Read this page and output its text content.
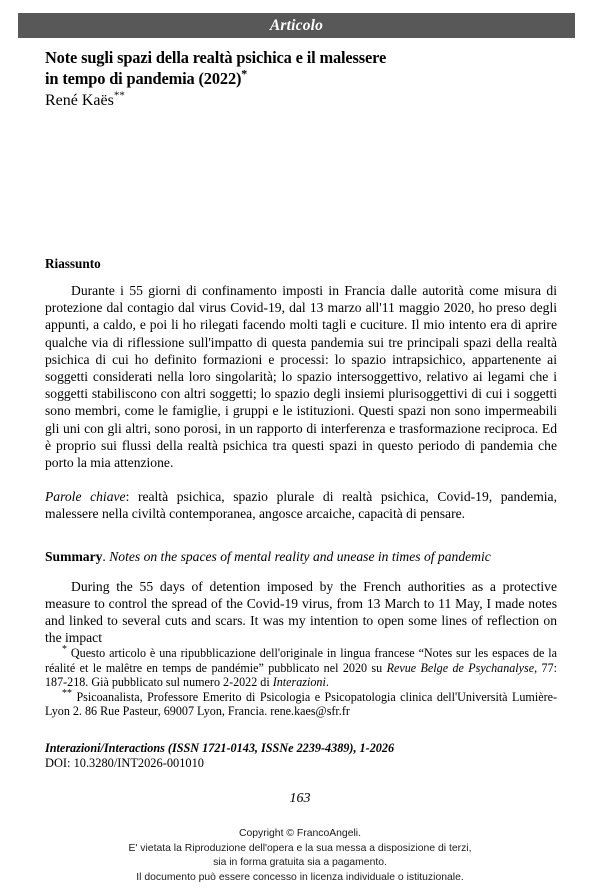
Articolo
Note sugli spazi della realtà psichica e il malessere
in tempo di pandemia (2022)*
René Kaës**
Riassunto

Durante i 55 giorni di confinamento imposti in Francia dalle autorità come misura di protezione dal contagio dal virus Covid-19, dal 13 marzo all'11 maggio 2020, ho preso degli appunti, a caldo, e poi li ho rilegati facendo molti tagli e cuciture. Il mio intento era di aprire qualche via di riflessione sull'impatto di questa pandemia sui tre principali spazi della realtà psichica di cui ho definito formazioni e processi: lo spazio intrapsichico, appartenente ai soggetti considerati nella loro singolarità; lo spazio intersoggettivo, relativo ai legami che i soggetti stabiliscono con altri soggetti; lo spazio degli insiemi plurisoggettivi di cui i soggetti sono membri, come le famiglie, i gruppi e le istituzioni. Questi spazi non sono impermeabili gli uni con gli altri, sono porosi, in un rapporto di interferenza e trasformazione reciproca. Ed è proprio sui flussi della realtà psichica tra questi spazi in questo periodo di pandemia che porto la mia attenzione.

Parole chiave: realtà psichica, spazio plurale di realtà psichica, Covid-19, pandemia, malessere nella civiltà contemporanea, angosce arcaiche, capacità di pensare.

Summary. Notes on the spaces of mental reality and unease in times of pandemic

During the 55 days of detention imposed by the French authorities as a protective measure to control the spread of the Covid-19 virus, from 13 March to 11 May, I made notes and linked to several cuts and scars. It was my intention to open some lines of reflection on the impact

* Questo articolo è una ripubblicazione dell'originale in lingua francese “Notes sur les espaces de la réalité et le malêtre en temps de pandémie” pubblicato nel 2020 su Revue Belge de Psychanalyse, 77: 187-218. Già pubblicato sul numero 2-2022 di Interazioni.

** Psicoanalista, Professore Emerito di Psicologia e Psicopatologia clinica dell'Università Lumière-Lyon 2. 86 Rue Pasteur, 69007 Lyon, Francia. rene.kaes@sfr.fr

Interazioni/Interactions (ISSN 1721-0143, ISSNe 2239-4389), 1-2026

DOI: 10.3280/INT2026-001010

163
Copyright © FrancoAngeli.
E' vietata la Riproduzione dell'opera e la sua messa a disposizione di terzi,
sia in forma gratuita sia a pagamento.
Il documento può essere concesso in licenza individuale o istituzionale.
